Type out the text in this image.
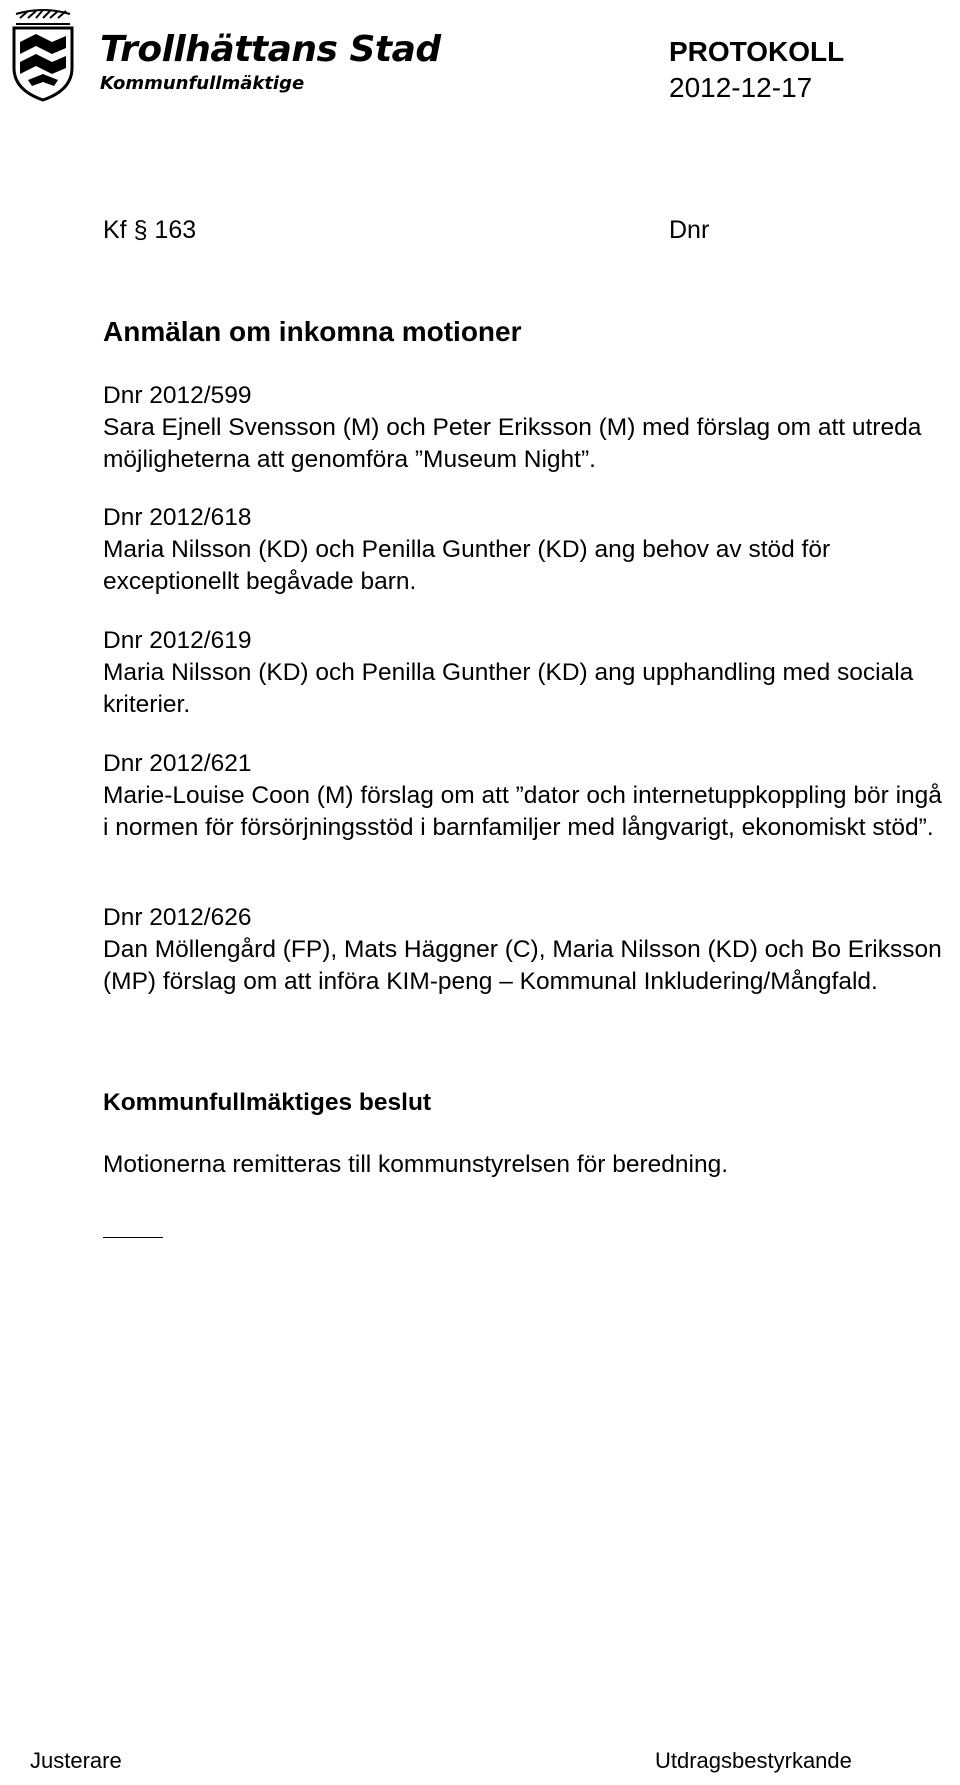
Trollhättans Stad
Kommunfullmäktige
PROTOKOLL
2012-12-17
Kf § 163	Dnr
Anmälan om inkomna motioner
Dnr 2012/599
Sara Ejnell Svensson (M) och Peter Eriksson (M) med förslag om att utreda möjligheterna att genomföra ”Museum Night”.
Dnr 2012/618
Maria Nilsson (KD) och Penilla Gunther (KD) ang behov av stöd för exceptionellt begåvade barn.
Dnr 2012/619
Maria Nilsson (KD) och Penilla Gunther (KD) ang upphandling med sociala kriterier.
Dnr 2012/621
Marie-Louise Coon (M) förslag om att ”dator och internetuppkoppling bör ingå i normen för försörjningsstöd i barnfamiljer med långvarigt, ekonomiskt stöd”.
Dnr 2012/626
Dan Möllengård (FP), Mats Häggner (C), Maria Nilsson (KD) och Bo Eriksson (MP) förslag om att införa KIM-peng – Kommunal Inkludering/Mångfald.
Kommunfullmäktiges beslut
Motionerna remitteras till kommunstyrelsen för beredning.
Justerare	Utdragsbestyrkande
